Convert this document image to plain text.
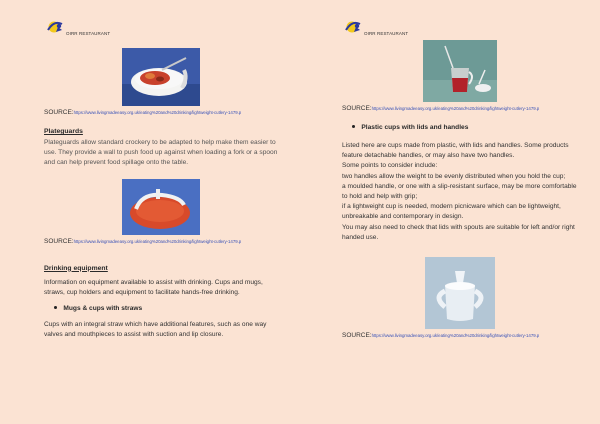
OIRR RESTAURANT
SOURCE:https://www.livingmadeeasy.org.uk/eating%20and%20drinking/lightweight-cutlery-1479.p
Plateguards

Plateguards allow standard crockery to be adapted to help make them easier to use. They provide a wall to push food up against when loading a fork or a spoon and can help prevent food spillage onto the table.

SOURCE:https://www.livingmadeeasy.org.uk/eating%20and%20drinking/lightweight-cutlery-1479.p
Drinking equipment

Information on equipment available to assist with drinking. Cups and mugs, straws, cup holders and equipment to facilitate hands-free drinking.

Mugs & cups with straws

Cups with an integral straw which have additional features, such as one way valves and mouthpieces to assist with suction and lip closure.

OIRR RESTAURANT
SOURCE:https://www.livingmadeeasy.org.uk/eating%20and%20drinking/lightweight-cutlery-1479.p
Plastic cups with lids and handles

Listed here are cups made from plastic, with lids and handles. Some products feature detachable handles, or may also have two handles.

Some points to consider include:

two handles allow the weight to be evenly distributed when you hold the cup;

a moulded handle, or one with a slip-resistant surface, may be more comfortable to hold and help with grip;

if a lightweight cup is needed, modern picnicware which can be lightweight, unbreakable and contemporary in design.

You may also need to check that lids with spouts are suitable for left and/or right handed use.

SOURCE:https://www.livingmadeeasy.org.uk/eating%20and%20drinking/lightweight-cutlery-1479.p
